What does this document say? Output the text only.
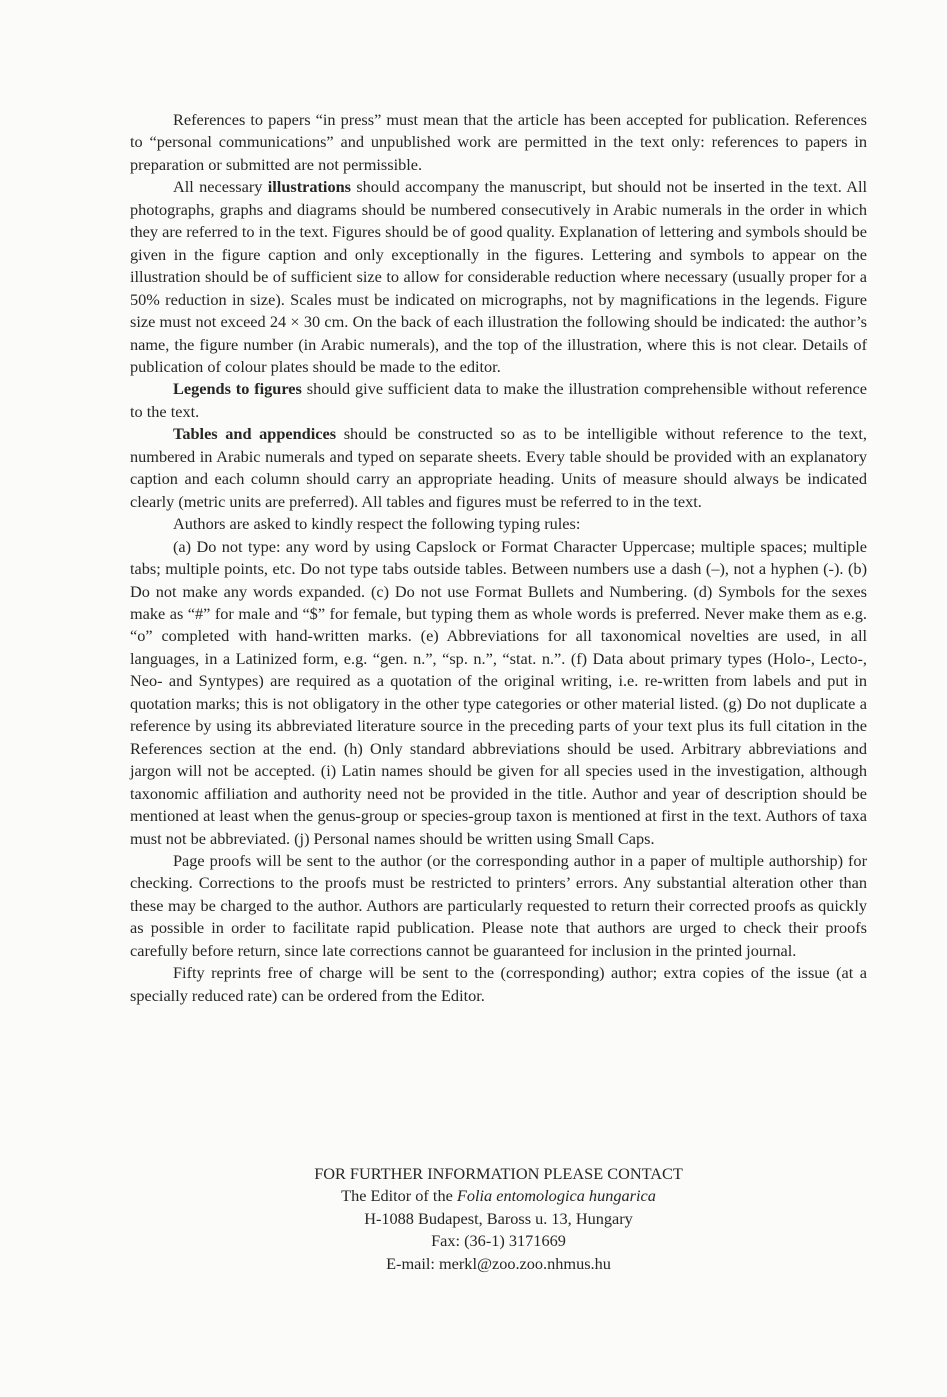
References to papers “in press” must mean that the article has been accepted for publication. References to “personal communications” and unpublished work are permitted in the text only: references to papers in preparation or submitted are not permissible.

All necessary illustrations should accompany the manuscript, but should not be inserted in the text. All photographs, graphs and diagrams should be numbered consecutively in Arabic numerals in the order in which they are referred to in the text. Figures should be of good quality. Explanation of lettering and symbols should be given in the figure caption and only exceptionally in the figures. Lettering and symbols to appear on the illustration should be of sufficient size to allow for considerable reduction where necessary (usually proper for a 50% reduction in size). Scales must be indicated on micrographs, not by magnifications in the legends. Figure size must not exceed 24 × 30 cm. On the back of each illustration the following should be indicated: the author’s name, the figure number (in Arabic numerals), and the top of the illustration, where this is not clear. Details of publication of colour plates should be made to the editor.

Legends to figures should give sufficient data to make the illustration comprehensible without reference to the text.

Tables and appendices should be constructed so as to be intelligible without reference to the text, numbered in Arabic numerals and typed on separate sheets. Every table should be provided with an explanatory caption and each column should carry an appropriate heading. Units of measure should always be indicated clearly (metric units are preferred). All tables and figures must be referred to in the text.

Authors are asked to kindly respect the following typing rules:

(a) Do not type: any word by using Capslock or Format Character Uppercase; multiple spaces; multiple tabs; multiple points, etc. Do not type tabs outside tables. Between numbers use a dash (–), not a hyphen (-). (b) Do not make any words expanded. (c) Do not use Format Bullets and Numbering. (d) Symbols for the sexes make as “#” for male and “$” for female, but typing them as whole words is preferred. Never make them as e.g. “o” completed with hand-written marks. (e) Abbreviations for all taxonomical novelties are used, in all languages, in a Latinized form, e.g. “gen. n.”, “sp. n.”, “stat. n.”. (f) Data about primary types (Holo-, Lecto-, Neo- and Syntypes) are required as a quotation of the original writing, i.e. re-written from labels and put in quotation marks; this is not obligatory in the other type categories or other material listed. (g) Do not duplicate a reference by using its abbreviated literature source in the preceding parts of your text plus its full citation in the References section at the end. (h) Only standard abbreviations should be used. Arbitrary abbreviations and jargon will not be accepted. (i) Latin names should be given for all species used in the investigation, although taxonomic affiliation and authority need not be provided in the title. Author and year of description should be mentioned at least when the genus-group or species-group taxon is mentioned at first in the text. Authors of taxa must not be abbreviated. (j) Personal names should be written using Small Caps.

Page proofs will be sent to the author (or the corresponding author in a paper of multiple authorship) for checking. Corrections to the proofs must be restricted to printers’ errors. Any substantial alteration other than these may be charged to the author. Authors are particularly requested to return their corrected proofs as quickly as possible in order to facilitate rapid publication. Please note that authors are urged to check their proofs carefully before return, since late corrections cannot be guaranteed for inclusion in the printed journal.

Fifty reprints free of charge will be sent to the (corresponding) author; extra copies of the issue (at a specially reduced rate) can be ordered from the Editor.

FOR FURTHER INFORMATION PLEASE CONTACT
The Editor of the Folia entomologica hungarica
H-1088 Budapest, Baross u. 13, Hungary
Fax: (36-1) 3171669
E-mail: merkl@zoo.zoo.nhmus.hu
